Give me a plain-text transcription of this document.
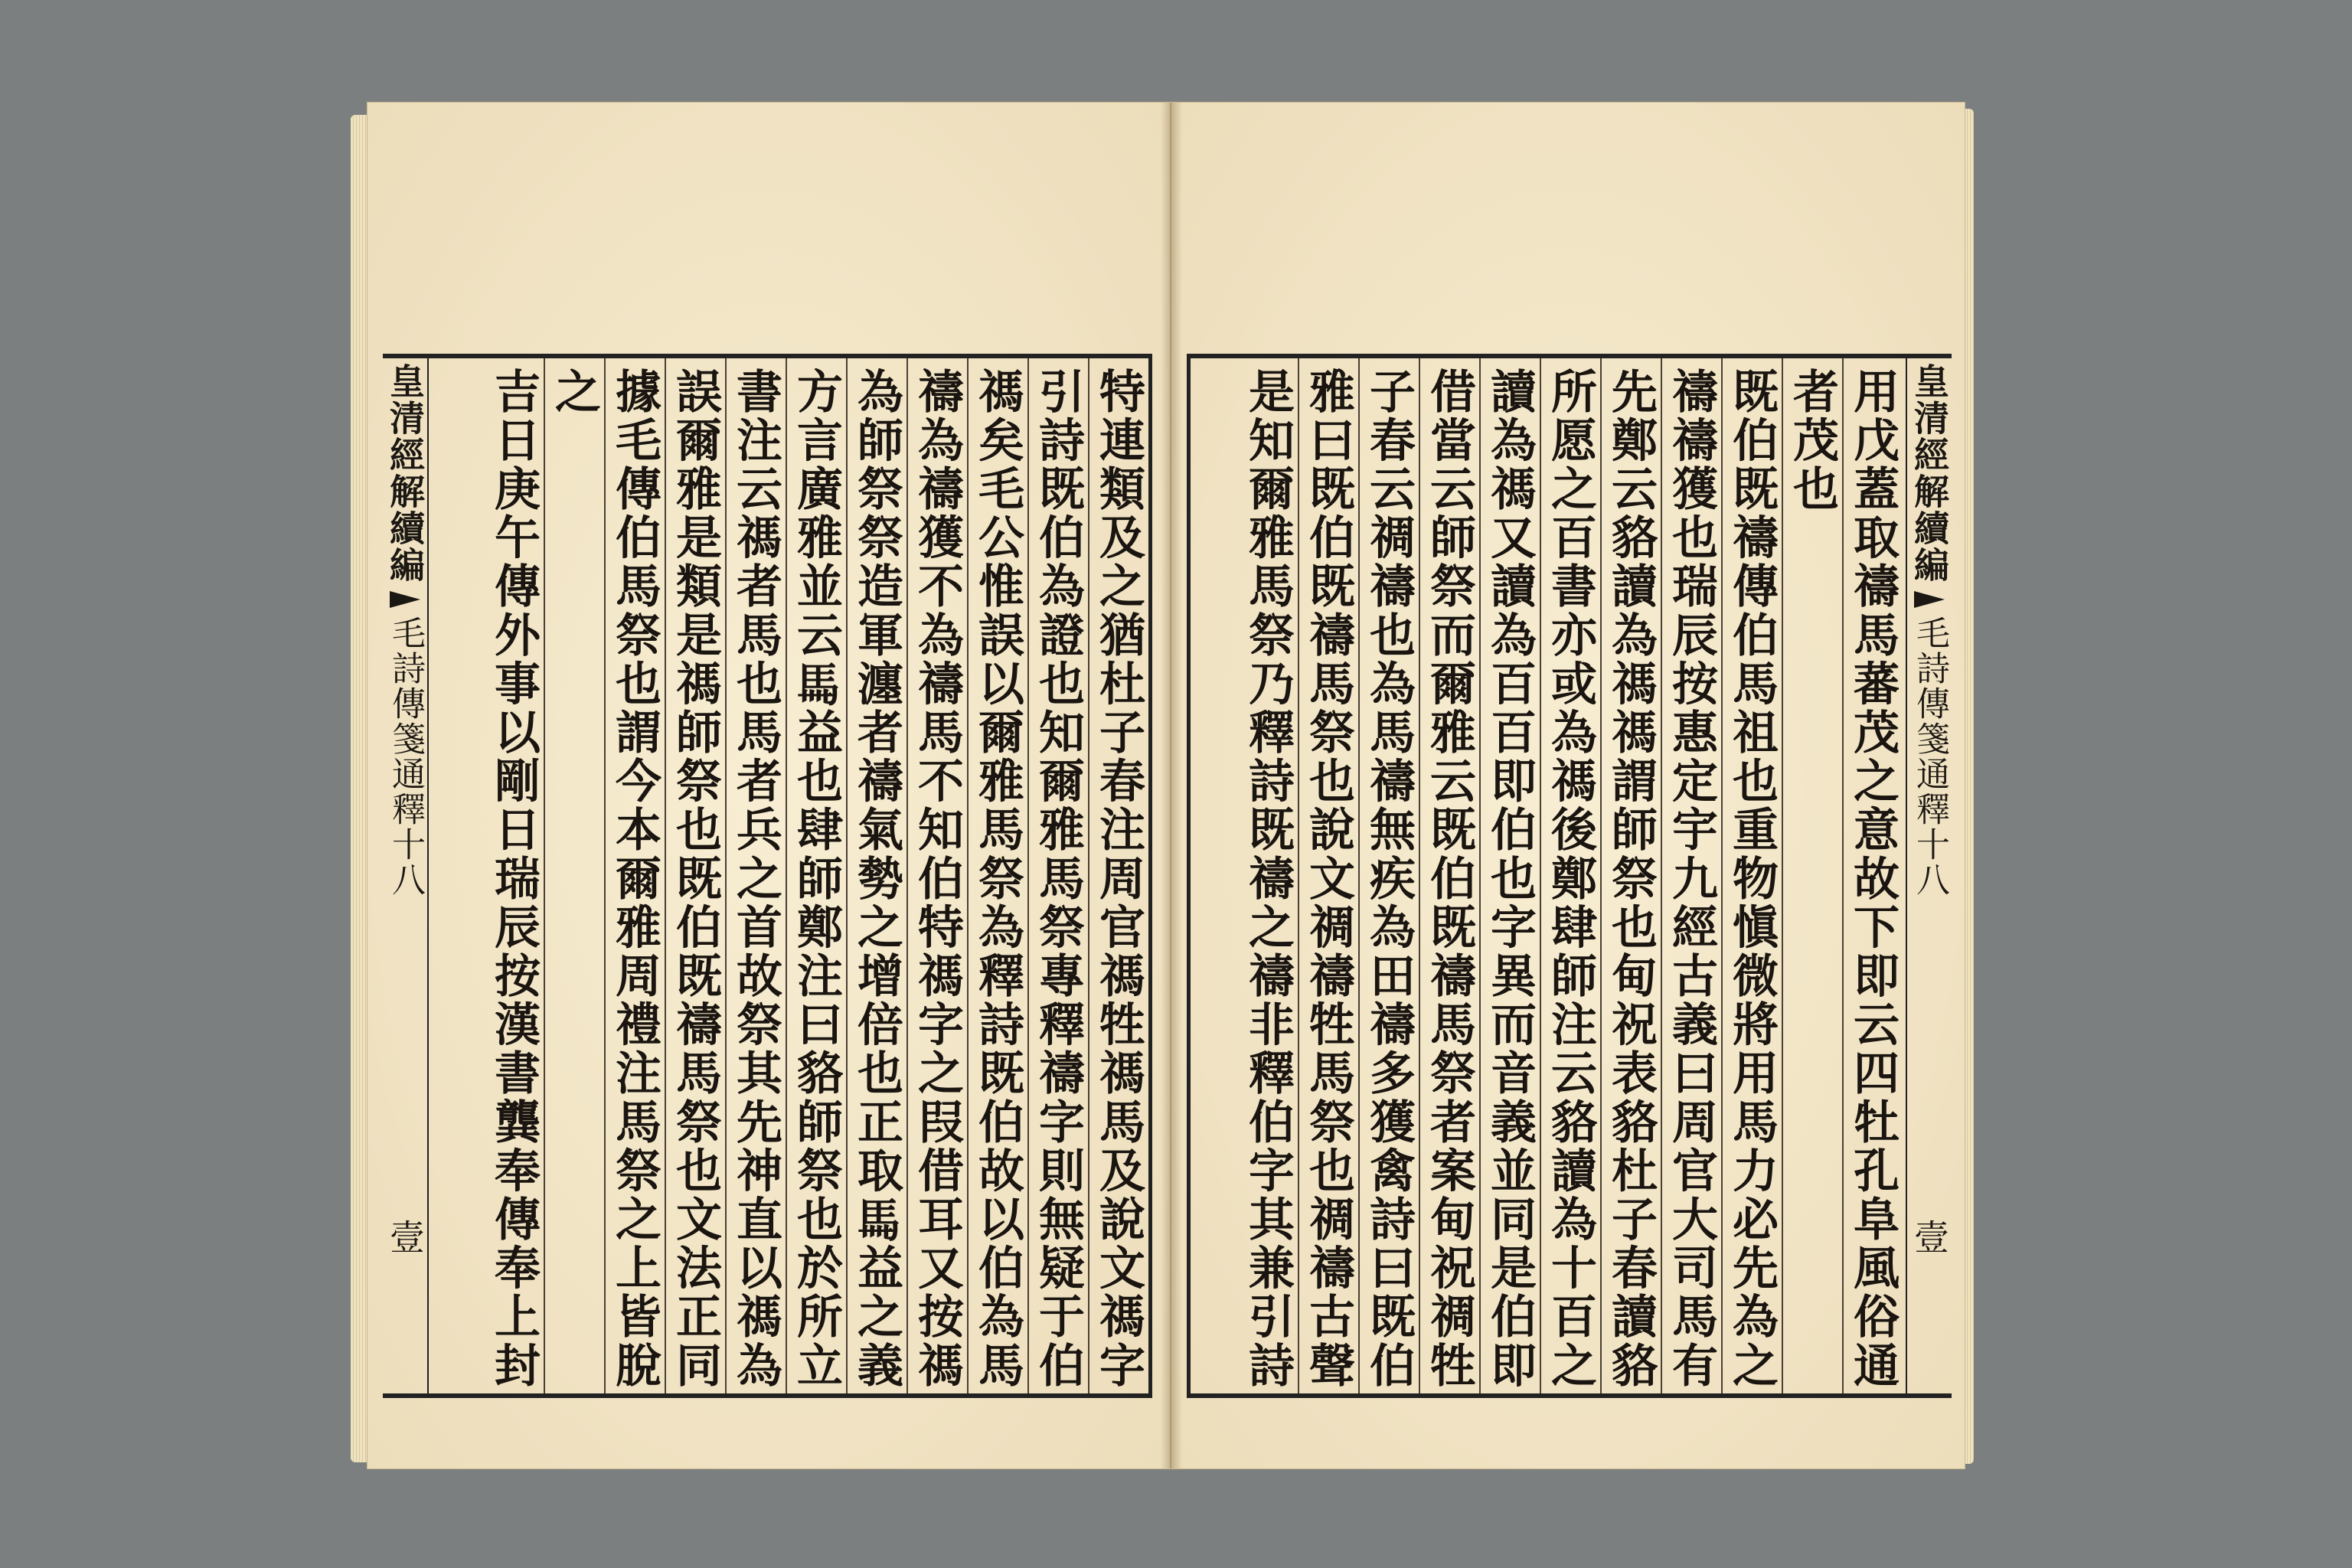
皇清經解續編
毛詩傳箋通釋十八
壹
特連類及之猶杜子春注周官禡牲禡馬及說文禡字
引詩既伯為證也知爾雅馬祭專釋禱字則無疑于伯
禡矣毛公惟誤以爾雅馬祭為釋詩既伯故以伯為馬
禱為禱獲不為禱馬不知伯特禡字之叚借耳又按禡
為師祭祭造軍瀍者禱氣勢之增倍也正取𩡧益之義
方言廣雅並云𩡧益也肆師鄭注曰貉師祭也於所立
書注云禡者馬也馬者兵之首故祭其先神直以禡為
誤爾雅是類是禡師祭也既伯既禱馬祭也文法正同
據毛傳伯馬祭也謂今本爾雅周禮注馬祭之上皆脫
之
吉日庚午傳外事以剛日瑞辰按漢書龔奉傳奉上封
用戊蓋取禱馬蕃茂之意故下即云四牡孔阜風俗通
者茂也
既伯既禱傳伯馬祖也重物愼微將用馬力必先為之
禱禱獲也瑞辰按惠定宇九經古義曰周官大司馬有
先鄭云貉讀為禡禡謂師祭也甸祝表貉杜子春讀貉
所愿之百書亦或為禡後鄭肆師注云貉讀為十百之
讀為禡又讀為百百即伯也字異而音義並同是伯即
借當云師祭而爾雅云既伯既禱馬祭者案甸祝禂牲
子春云禂禱也為馬禱無疾為田禱多獲禽詩曰既伯
雅曰既伯既禱馬祭也說文禂禱牲馬祭也禂禱古聲
是知爾雅馬祭乃釋詩既禱之禱非釋伯字其兼引詩
皇清經解續編
毛詩傳箋通釋十八
壹
